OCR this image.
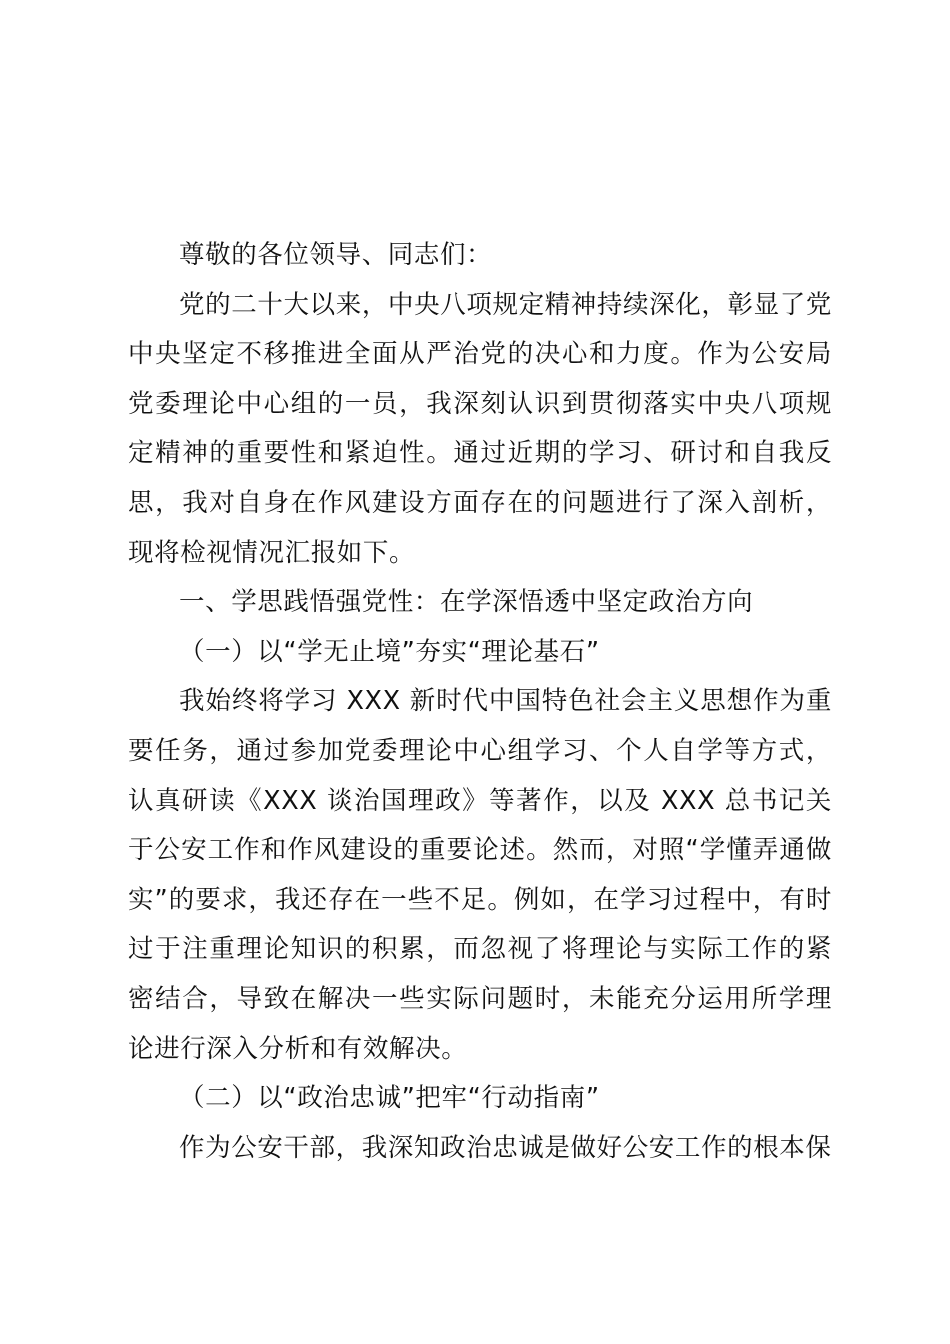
尊敬的各位领导、同志们：

党的二十大以来，中央八项规定精神持续深化，彰显了党中央坚定不移推进全面从严治党的决心和力度。作为公安局党委理论中心组的一员，我深刻认识到贯彻落实中央八项规定精神的重要性和紧迫性。通过近期的学习、研讨和自我反思，我对自身在作风建设方面存在的问题进行了深入剖析，现将检视情况汇报如下。

一、学思践悟强党性：在学深悟透中坚定政治方向

（一）以“学无止境”夯实“理论基石”

我始终将学习 XXX 新时代中国特色社会主义思想作为重要任务，通过参加党委理论中心组学习、个人自学等方式，认真研读《XXX 谈治国理政》等著作，以及 XXX 总书记关于公安工作和作风建设的重要论述。然而，对照“学懂弄通做实”的要求，我还存在一些不足。例如，在学习过程中，有时过于注重理论知识的积累，而忽视了将理论与实际工作的紧密结合，导致在解决一些实际问题时，未能充分运用所学理论进行深入分析和有效解决。

（二）以“政治忠诚”把牢“行动指南”

作为公安干部，我深知政治忠诚是做好公安工作的根本保
